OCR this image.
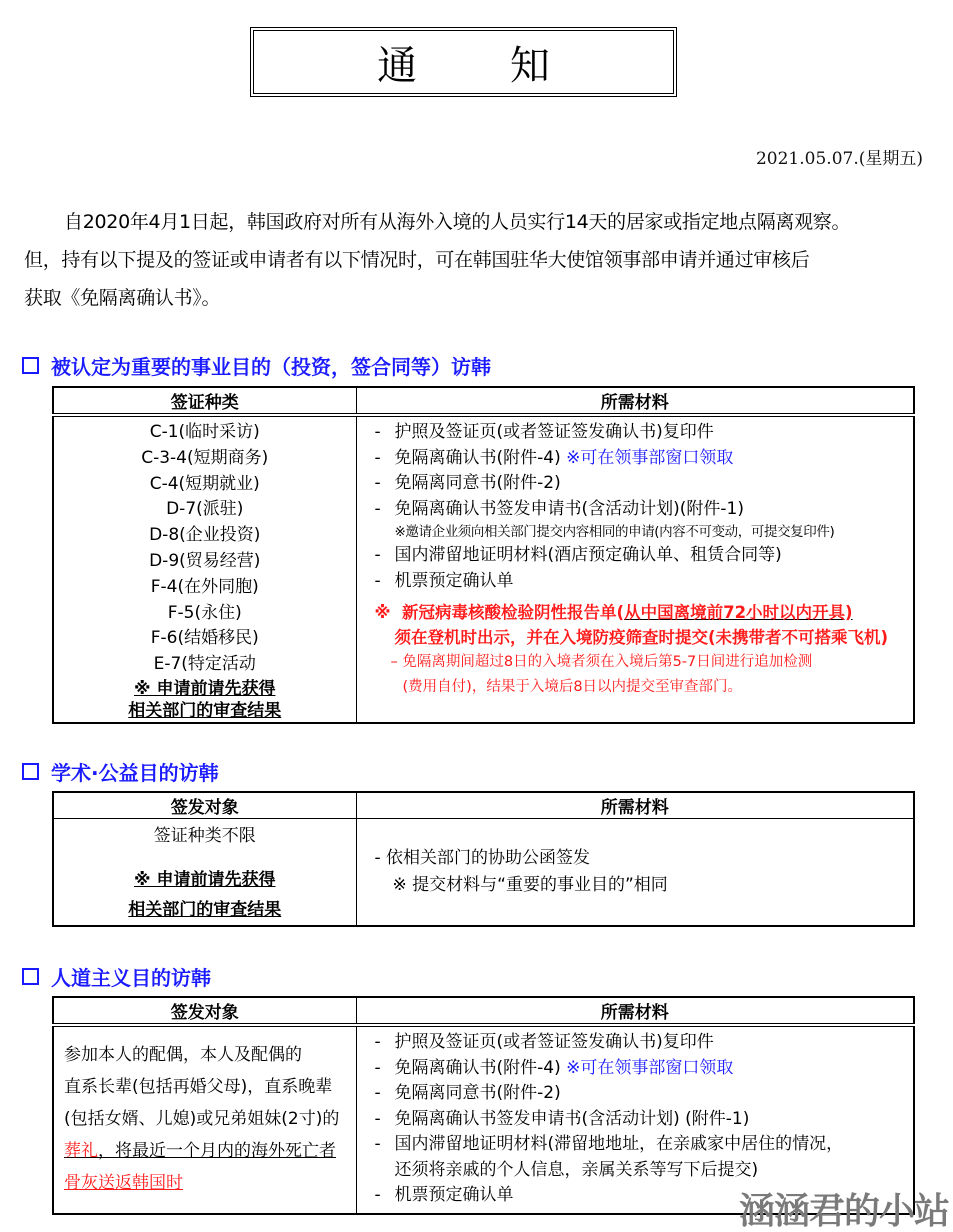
通 知
2021.05.07.(星期五)
自2020年4月1日起，韩国政府对所有从海外入境的人员实行14天的居家或指定地点隔离观察。
但，持有以下提及的签证或申请者有以下情况时，可在韩国驻华大使馆领事部申请并通过审核后
获取《免隔离确认书》。
被认定为重要的事业目的（投资，签合同等）访韩
签证种类	所需材料

C-1(临时采访)
C-3-4(短期商务)
C-4(短期就业)
D-7(派驻)
D-8(企业投资)
D-9(贸易经营)
F-4(在外同胞)
F-5(永住)
F-6(结婚移民)
E-7(特定活动
※ 申请前请先获得
相关部门的审查结果

- 护照及签证页(或者签证签发确认书)复印件
- 免隔离确认书(附件-4) ※可在领事部窗口领取
- 免隔离同意书(附件-2)
- 免隔离确认书签发申请书(含活动计划)(附件-1)
※邀请企业须向相关部门提交内容相同的申请(内容不可变动，可提交复印件)
- 国内滞留地证明材料(酒店预定确认单、租赁合同等)
- 机票预定确认单
※ 新冠病毒核酸检验阴性报告单(从中国离境前72小时以内开具)
须在登机时出示，并在入境防疫筛查时提交(未携带者不可搭乘飞机)
– 免隔离期间超过8日的入境者须在入境后第5-7日间进行追加检测
(费用自付)，结果于入境后8日以内提交至审查部门。
学术·公益目的访韩
签发对象	所需材料

签证种类不限
※ 申请前请先获得
相关部门的审查结果

- 依相关部门的协助公函签发
※ 提交材料与“重要的事业目的”相同
人道主义目的访韩
签发对象	所需材料

参加本人的配偶，本人及配偶的
直系长辈(包括再婚父母)，直系晚辈
(包括女婿、儿媳)或兄弟姐妹(2寸)的
葬礼，将最近一个月内的海外死亡者
骨灰送返韩国时

- 护照及签证页(或者签证签发确认书)复印件
- 免隔离确认书(附件-4) ※可在领事部窗口领取
- 免隔离同意书(附件-2)
- 免隔离确认书签发申请书(含活动计划) (附件-1)
- 国内滞留地证明材料(滞留地地址，在亲戚家中居住的情况，
还须将亲戚的个人信息，亲属关系等写下后提交)
- 机票预定确认单	涵涵君的小站
